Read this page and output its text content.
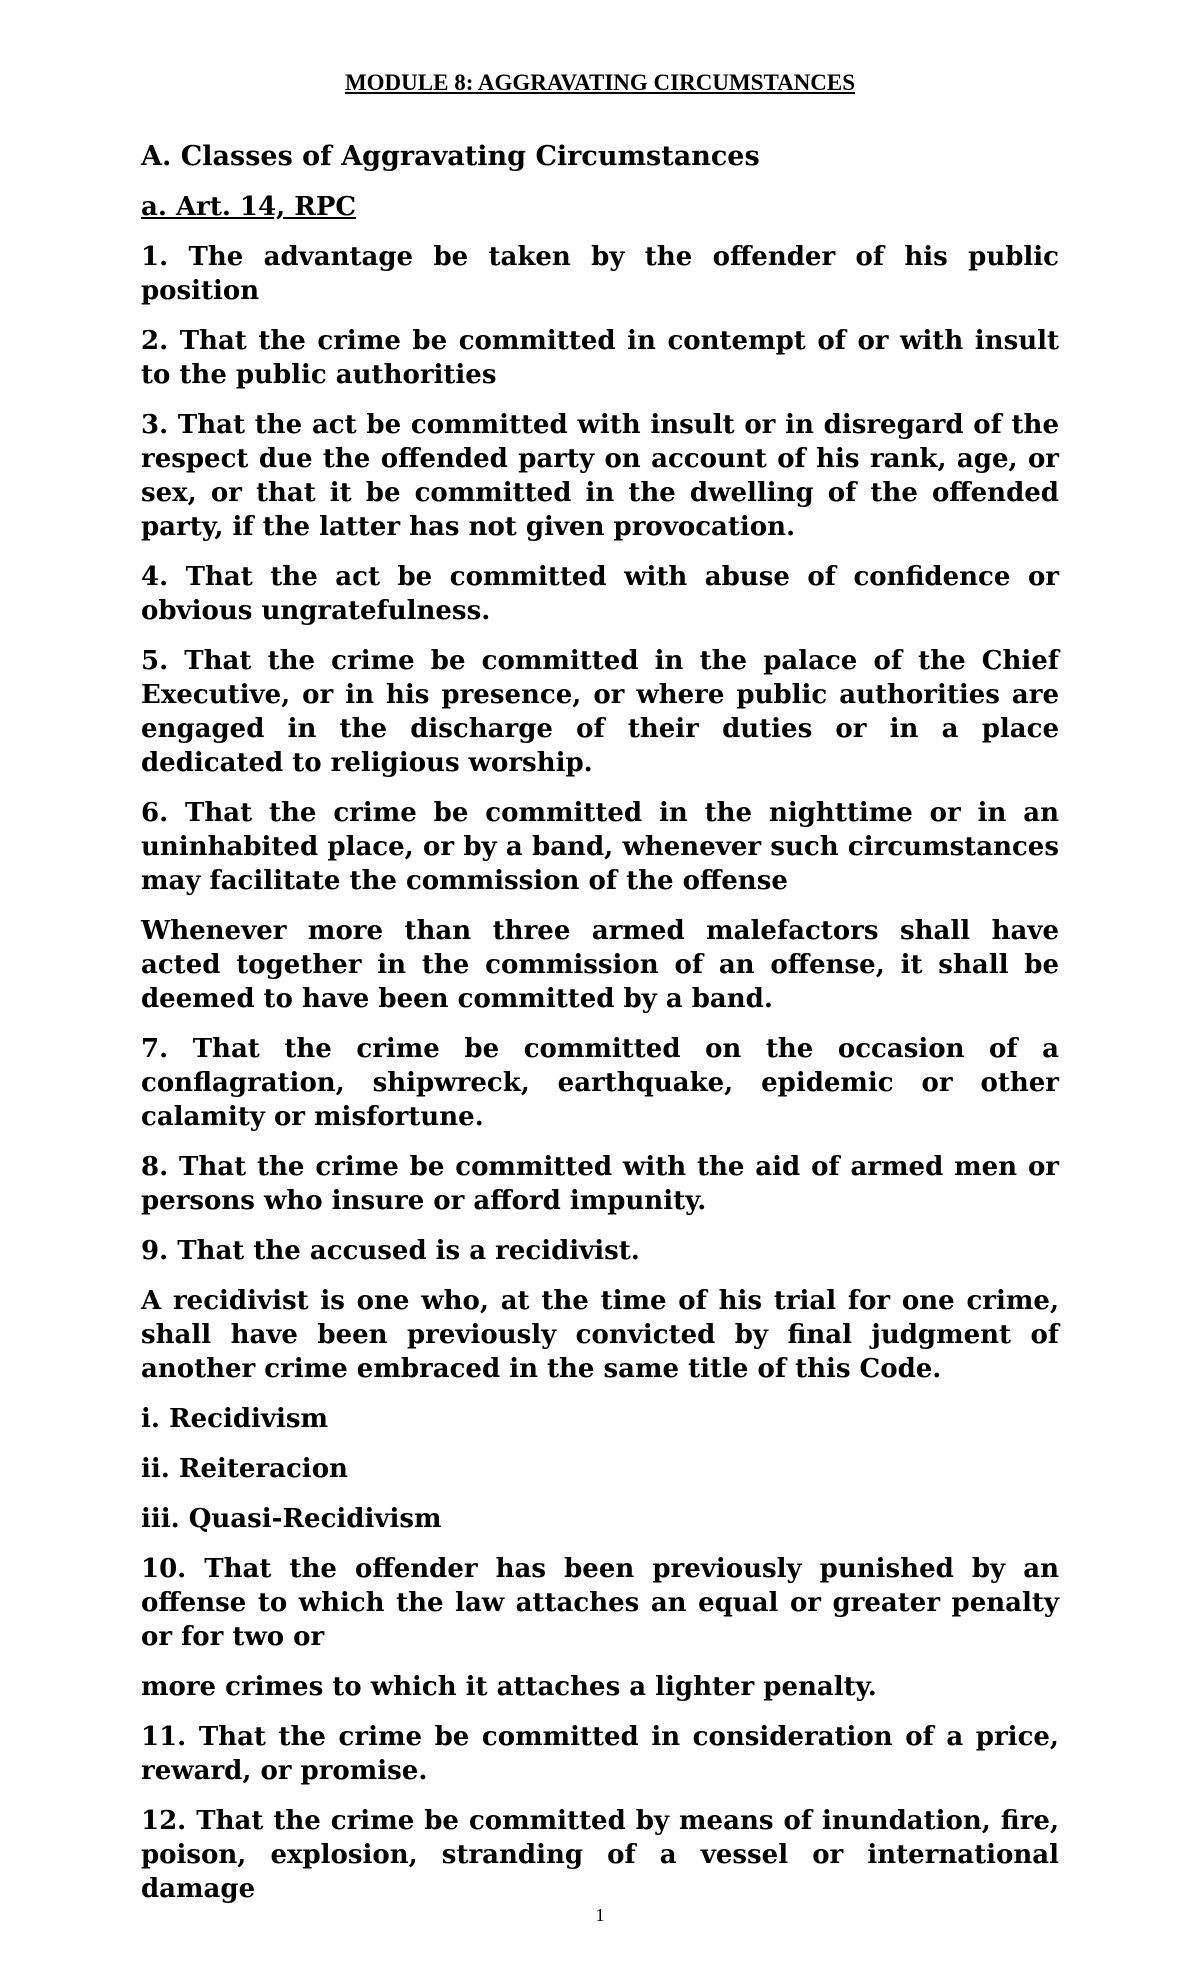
MODULE 8: AGGRAVATING CIRCUMSTANCES
A. Classes of Aggravating Circumstances
a. Art. 14, RPC

1. The advantage be taken by the offender of his public position

2. That the crime be committed in contempt of or with insult to the public authorities

3. That the act be committed with insult or in disregard of the respect due the offended party on account of his rank, age, or sex, or that it be committed in the dwelling of the offended party, if the latter has not given provocation.

4. That the act be committed with abuse of confidence or obvious ungratefulness.

5. That the crime be committed in the palace of the Chief Executive, or in his presence, or where public authorities are engaged in the discharge of their duties or in a place dedicated to religious worship.

6. That the crime be committed in the nighttime or in an uninhabited place, or by a band, whenever such circumstances may facilitate the commission of the offense

Whenever more than three armed malefactors shall have acted together in the commission of an offense, it shall be deemed to have been committed by a band.

7. That the crime be committed on the occasion of a conflagration, shipwreck, earthquake, epidemic or other calamity or misfortune.

8. That the crime be committed with the aid of armed men or persons who insure or afford impunity.

9. That the accused is a recidivist.

A recidivist is one who, at the time of his trial for one crime, shall have been previously convicted by final judgment of another crime embraced in the same title of this Code.

i. Recidivism

ii. Reiteracion

iii. Quasi-Recidivism

10. That the offender has been previously punished by an offense to which the law attaches an equal or greater penalty or for two or

more crimes to which it attaches a lighter penalty.

11. That the crime be committed in consideration of a price, reward, or promise.

12. That the crime be committed by means of inundation, fire, poison, explosion, stranding of a vessel or international damage

1
